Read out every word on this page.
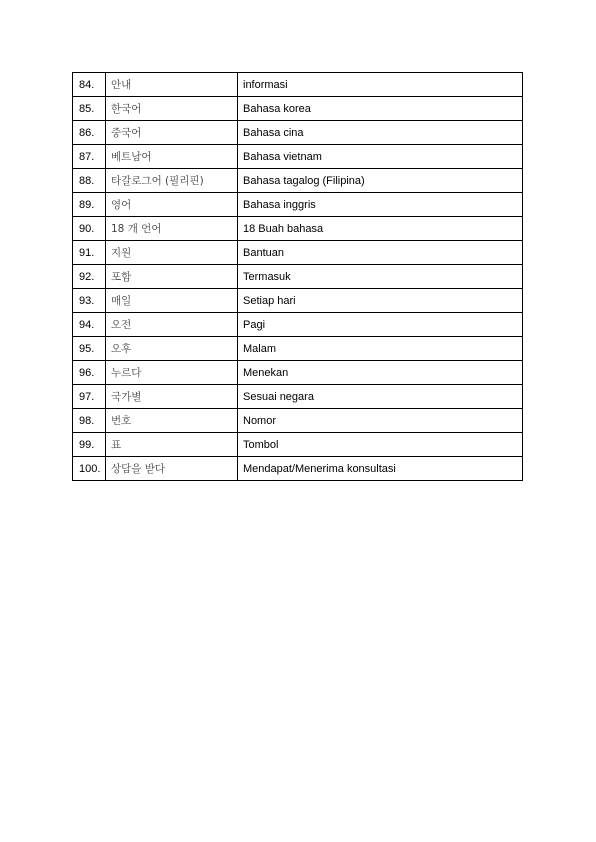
84.	안내	informasi
85.	한국어	Bahasa korea
86.	중국어	Bahasa cina
87.	베트남어	Bahasa vietnam
88.	타갈로그어 (필리핀)	Bahasa tagalog (Filipina)
89.	영어	Bahasa inggris
90.	18 개 언어	18 Buah bahasa
91.	지원	Bantuan
92.	포함	Termasuk
93.	매일	Setiap hari
94.	오전	Pagi
95.	오후	Malam
96.	누르다	Menekan
97.	국가별	Sesuai negara
98.	번호	Nomor
99.	표	Tombol
100.	상담을 받다	Mendapat/Menerima konsultasi
